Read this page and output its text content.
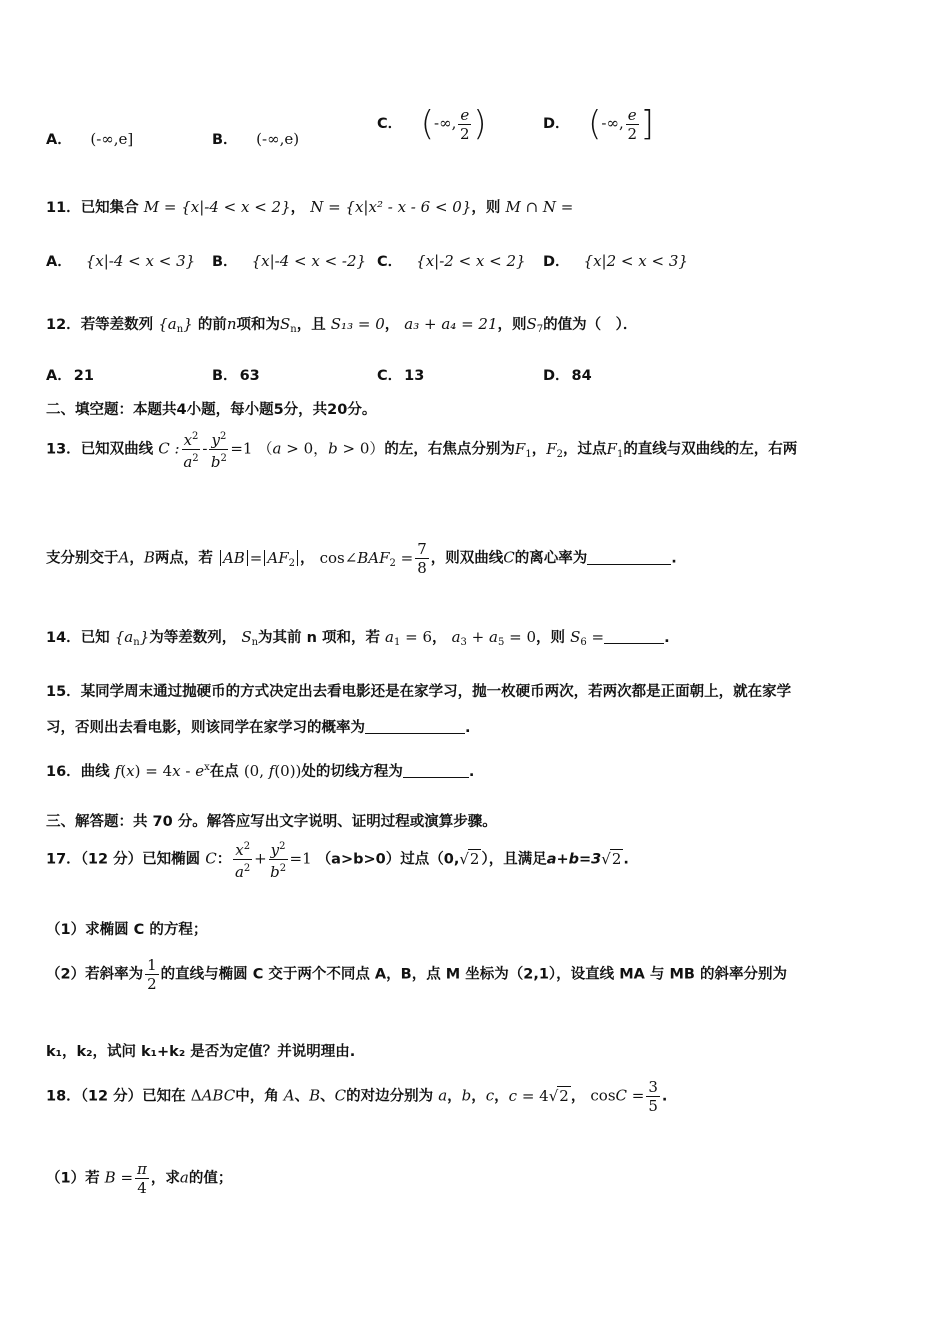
A． (-∞,e]	B． (-∞,e)
C． (-∞, $\frac{e}{2}$ )	D． (-∞, $\frac{e}{2}$ ]
11．已知集合 M = {x|-4 < x < 2}， N = {x|x² - x - 6 < 0}，则 M ∩ N =
A． {x|-4 < x < 3} B． {x|-4 < x < -2} C． {x|-2 < x < 2} D． {x|2 < x < 3}
12．若等差数列 $\{a_n\}$ 的前n项和为$S_n$，且 S₁₃ = 0， a₃ + a₄ = 21，则$S_7$的值为（　）．
A． 21	B． 63	C． 13	D． 84
二、填空题：本题共4小题，每小题5分，共20分。
13．已知双曲线 C : $\frac{x^2}{a^2} - \frac{y^2}{b^2} =1$ （a > 0，b > 0）的左，右焦点分别为$F_1$，$F_2$，过点$F_1$的直线与双曲线的左，右两
支分别交于A，B两点，若 AB = $AF_2$ ， $\cos\angle BAF_2 = \frac{7}{8}$ ，则双曲线C的离心率为	.
14．已知 $\{a_n\}$为等差数列， $S_n$为其前 n 项和，若 $a_1 = 6$， $a_3 + a_5 = 0$，则 $S_6$ =	.
15．某同学周末通过抛硬币的方式决定出去看电影还是在家学习，抛一枚硬币两次，若两次都是正面朝上，就在家学
习，否则出去看电影，则该同学在家学习的概率为	.
16．曲线 $f(x) = 4x - e^x$在点 (0, f(0))处的切线方程为	.
三、解答题：共 70 分。解答应写出文字说明、证明过程或演算步骤。
17．（12 分）已知椭圆 C： $\frac{x^2}{a^2} + \frac{y^2}{b^2} =1$ （a>b>0）过点（0,√2 ），且满足a+b=3√2 .
（1）求椭圆 C 的方程；
（2）若斜率为 $\frac{1}{2}$ 的直线与椭圆 C 交于两个不同点 A，B，点 M 坐标为（2,1），设直线 MA 与 MB 的斜率分别为
k₁，k₂，试问 k₁+k₂ 是否为定值？并说明理由.
18．（12 分）已知在 ΔABC中，角 A、B、C的对边分别为 a，b，c，c = 4√2 ， $\cos C = \frac{3}{5}$ .
（1）若 $B = \frac{\pi}{4}$ ，求a的值；
